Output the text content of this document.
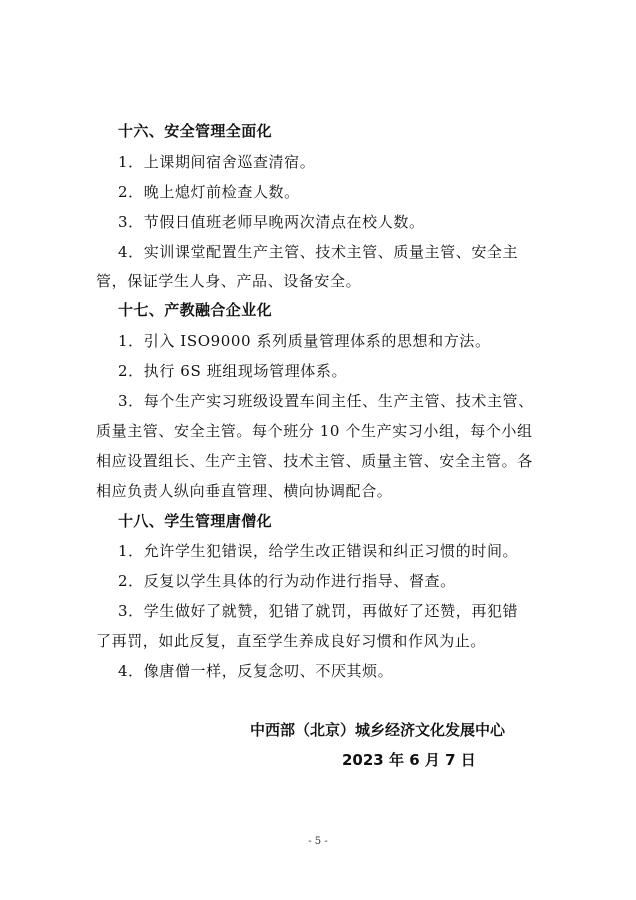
十六、安全管理全面化
1．上课期间宿舍巡查清宿。
2．晚上熄灯前检查人数。
3．节假日值班老师早晚两次清点在校人数。
4．实训课堂配置生产主管、技术主管、质量主管、安全主
管，保证学生人身、产品、设备安全。
十七、产教融合企业化
1．引入 ISO9000 系列质量管理体系的思想和方法。
2．执行 6S 班组现场管理体系。
3．每个生产实习班级设置车间主任、生产主管、技术主管、
质量主管、安全主管。每个班分 10 个生产实习小组，每个小组
相应设置组长、生产主管、技术主管、质量主管、安全主管。各
相应负责人纵向垂直管理、横向协调配合。
十八、学生管理唐僧化
1．允许学生犯错误，给学生改正错误和纠正习惯的时间。
2．反复以学生具体的行为动作进行指导、督查。
3．学生做好了就赞，犯错了就罚，再做好了还赞，再犯错
了再罚，如此反复，直至学生养成良好习惯和作风为止。
4．像唐僧一样，反复念叨、不厌其烦。
中西部（北京）城乡经济文化发展中心
2023 年 6 月 7 日
- 5 -
